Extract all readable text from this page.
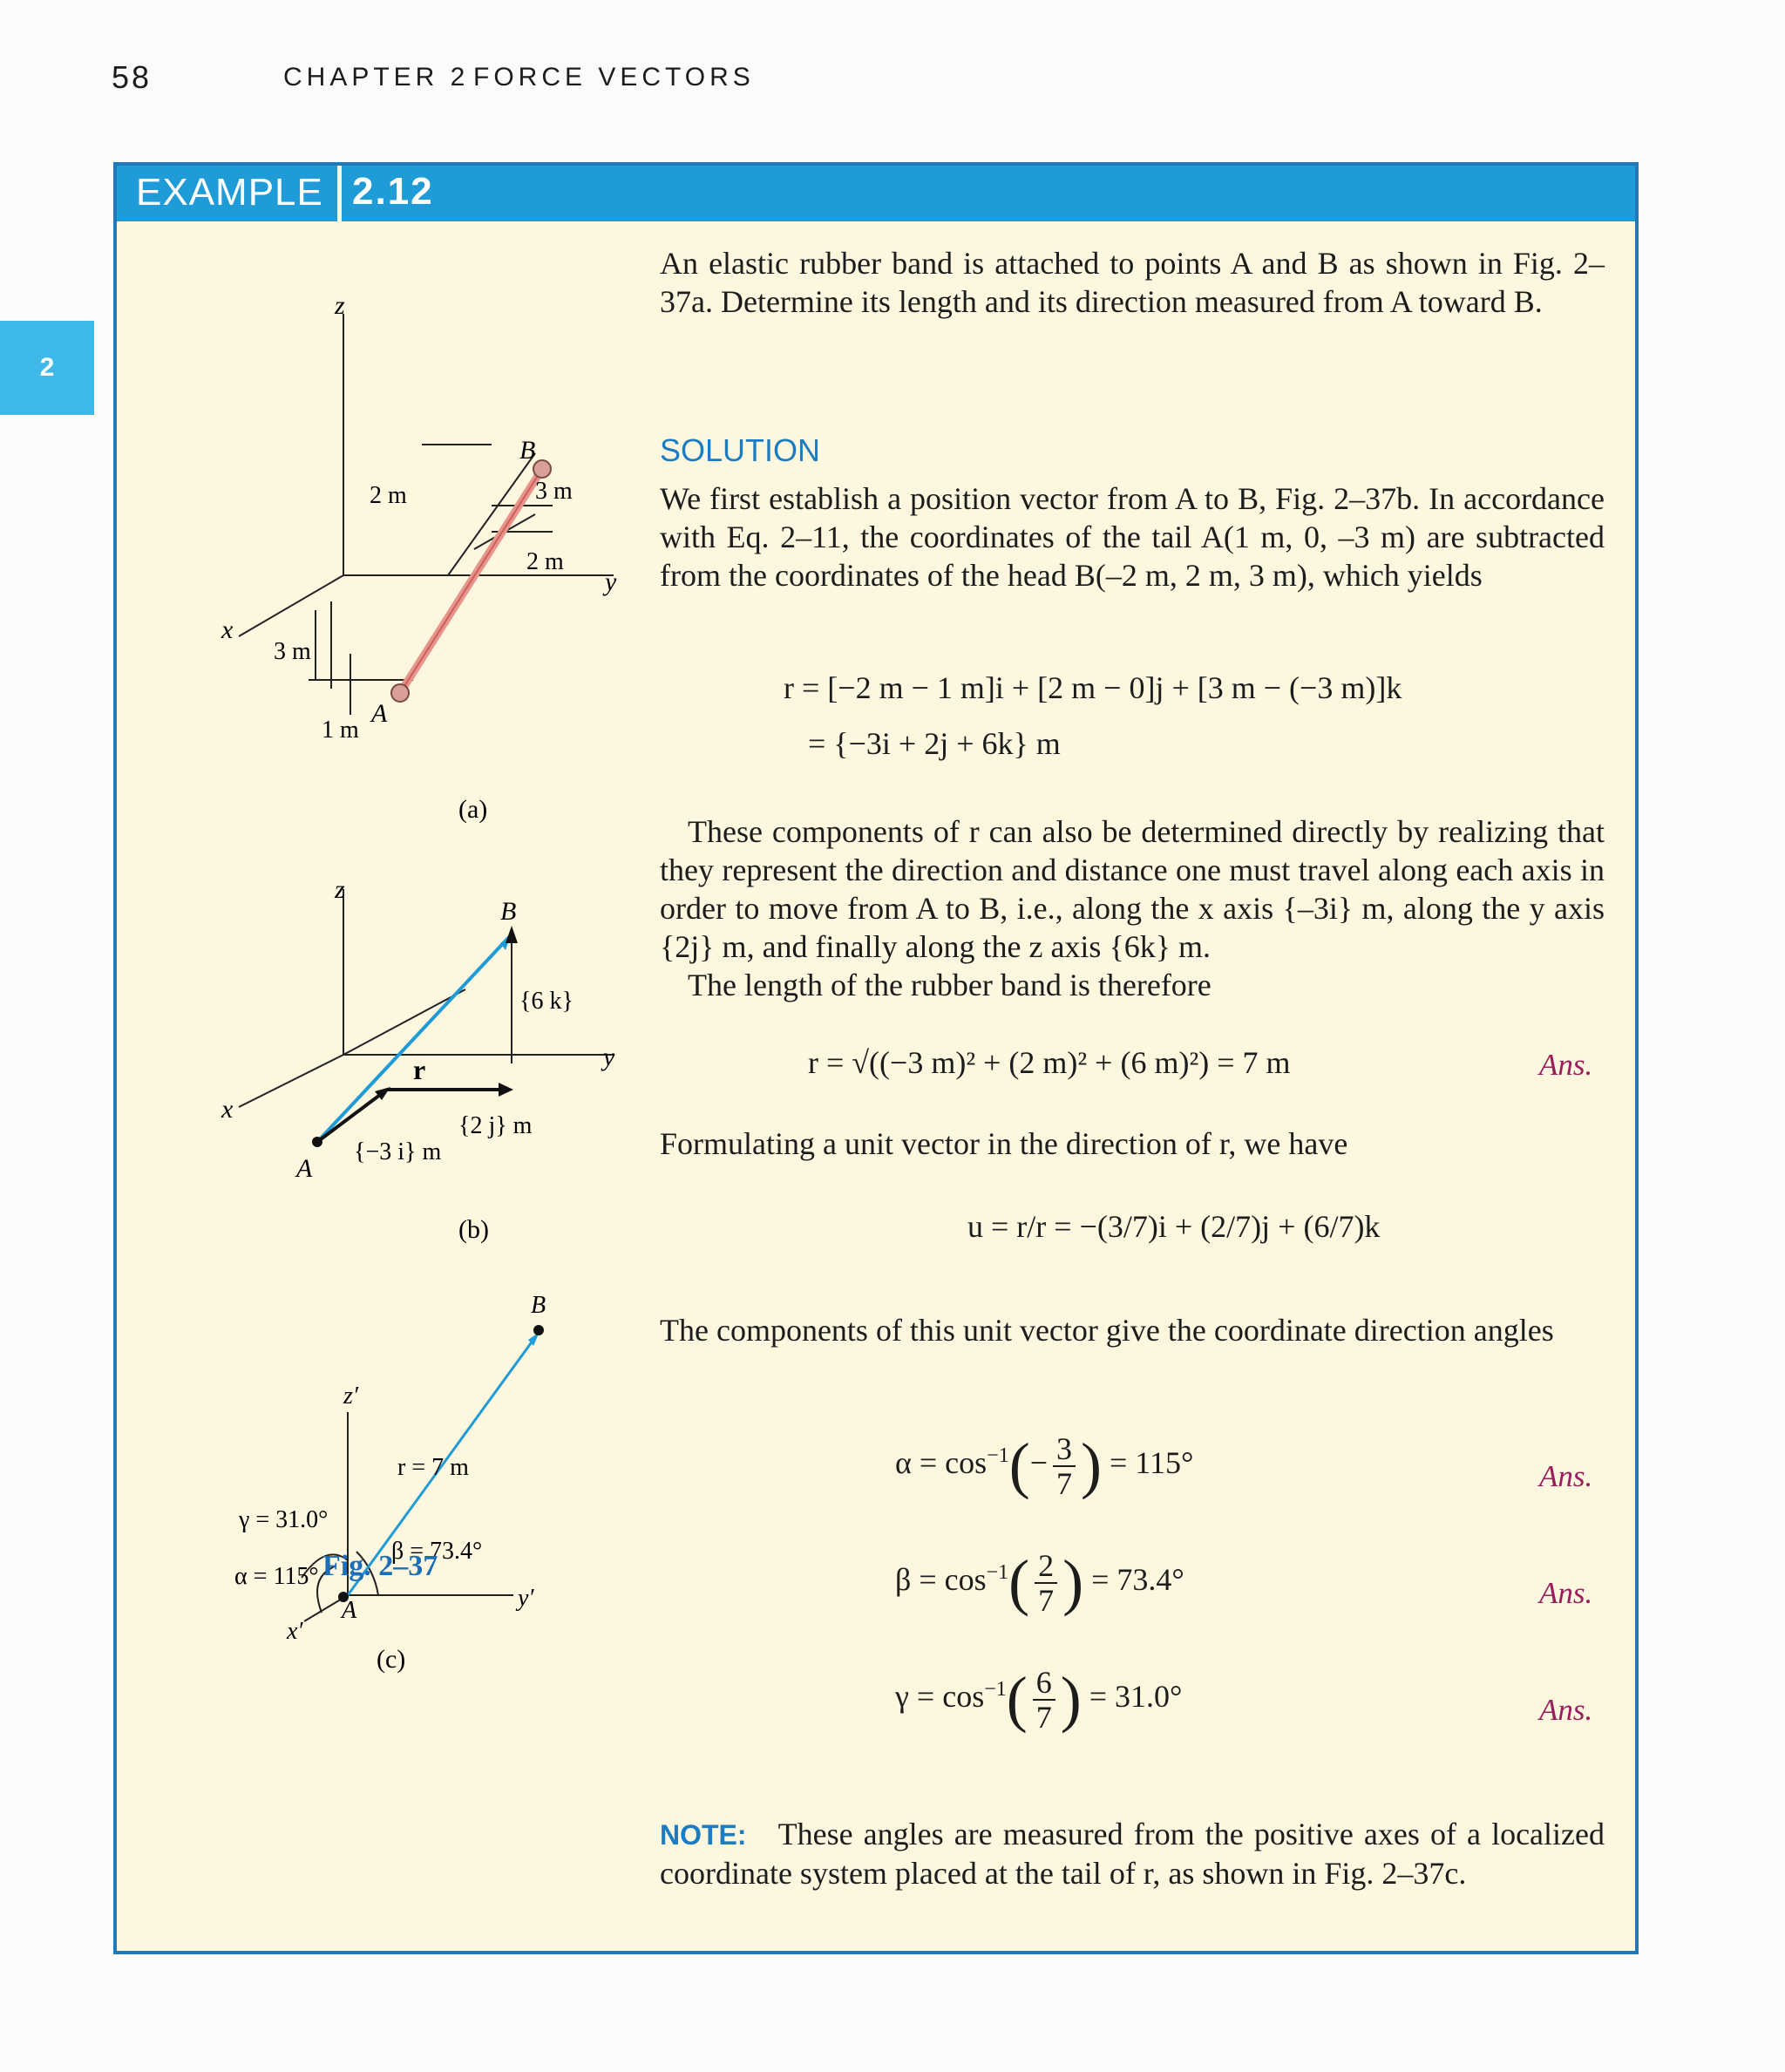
58	CHAPTER 2 FORCE VECTORS
2
EXAMPLE 2.12
z
x
y
A
B
2 m	3 m
2 m
3 m
1 m
(a)
z
x
y
A
B
r
{6 k}
{2 j} m
{−3 i} m
(b)
z′
x′
y′
A
B
r = 7 m
γ = 31.0°
α = 115°
β = 73.4°
(c)
Fig. 2–37
An elastic rubber band is attached to points A and B as shown in Fig. 2–37a. Determine its length and its direction measured from A toward B.
SOLUTION
We first establish a position vector from A to B, Fig. 2–37b. In accordance with Eq. 2–11, the coordinates of the tail A(1 m, 0, –3 m) are subtracted from the coordinates of the head B(–2 m, 2 m, 3 m), which yields
r = [−2 m − 1 m]i + [2 m − 0]j + [3 m − (−3 m)]k
= {−3i + 2j + 6k} m
These components of r can also be determined directly by realizing that they represent the direction and distance one must travel along each axis in order to move from A to B, i.e., along the x axis {–3i} m, along the y axis {2j} m, and finally along the z axis {6k} m.
The length of the rubber band is therefore
r = √((−3 m)² + (2 m)² + (6 m)²) = 7 m	Ans.
Formulating a unit vector in the direction of r, we have
u = r/r = −(3/7)i + (2/7)j + (6/7)k
The components of this unit vector give the coordinate direction angles
$\alpha = \cos^{-1}(- \frac{3}{7}$ ) = 115°	Ans.
$\beta = \cos^{-1}( \frac{2}{7}$ ) = 73.4°	Ans.
$\gamma = \cos^{-1}( \frac{6}{7}$ ) = 31.0°	Ans.
NOTE: These angles are measured from the positive axes of a localized coordinate system placed at the tail of r, as shown in Fig. 2–37c.
